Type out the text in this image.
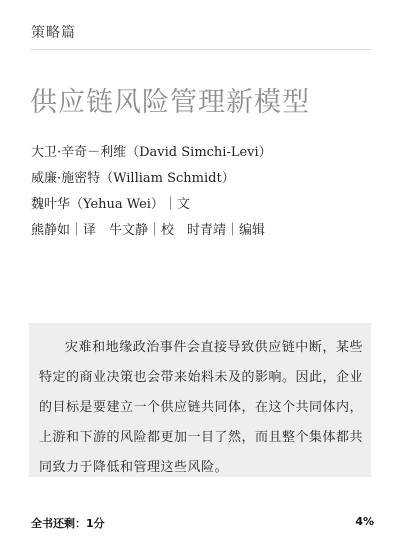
策略篇
供应链风险管理新模型
大卫·辛奇－利维（David Simchi-Levi）
威廉·施密特（William Schmidt）
魏叶华（Yehua Wei）｜文
熊静如｜译　牛文静｜校　时青靖｜编辑

灾难和地缘政治事件会直接导致供应链中断，某些特定的商业决策也会带来始料未及的影响。因此，企业的目标是要建立一个供应链共同体，在这个共同体内，上游和下游的风险都更加一目了然，而且整个集体都共同致力于降低和管理这些风险。

全书还剩：1分	4%
